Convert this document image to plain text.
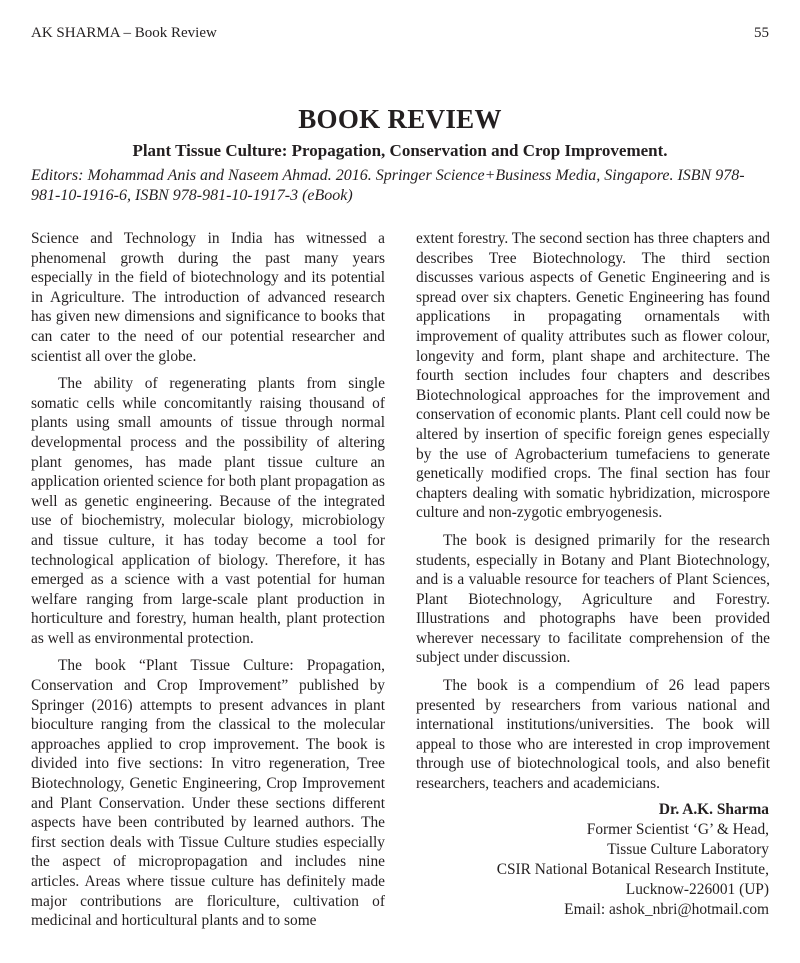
AK SHARMA – Book Review	55
BOOK REVIEW
Plant Tissue Culture: Propagation, Conservation and Crop Improvement.

Editors: Mohammad Anis and Naseem Ahmad. 2016. Springer Science+Business Media, Singapore. ISBN 978-981-10-1916-6, ISBN 978-981-10-1917-3 (eBook)

Science and Technology in India has witnessed a phenomenal growth during the past many years especially in the field of biotechnology and its potential in Agriculture. The introduction of advanced research has given new dimensions and significance to books that can cater to the need of our potential researcher and scientist all over the globe.

The ability of regenerating plants from single somatic cells while concomitantly raising thousand of plants using small amounts of tissue through normal developmental process and the possibility of altering plant genomes, has made plant tissue culture an application oriented science for both plant propagation as well as genetic engineering. Because of the integrated use of biochemistry, molecular biology, microbiology and tissue culture, it has today become a tool for technological application of biology. Therefore, it has emerged as a science with a vast potential for human welfare ranging from large-scale plant production in horticulture and forestry, human health, plant protection as well as environmental protection.

The book “Plant Tissue Culture: Propagation, Conservation and Crop Improvement” published by Springer (2016) attempts to present advances in plant bioculture ranging from the classical to the molecular approaches applied to crop improvement. The book is divided into five sections: In vitro regeneration, Tree Biotechnology, Genetic Engineering, Crop Improvement and Plant Conservation. Under these sections different aspects have been contributed by learned authors. The first section deals with Tissue Culture studies especially the aspect of micropropagation and includes nine articles. Areas where tissue culture has definitely made major contributions are floriculture, cultivation of medicinal and horticultural plants and to some

extent forestry. The second section has three chapters and describes Tree Biotechnology. The third section discusses various aspects of Genetic Engineering and is spread over six chapters. Genetic Engineering has found applications in propagating ornamentals with improvement of quality attributes such as flower colour, longevity and form, plant shape and architecture. The fourth section includes four chapters and describes Biotechnological approaches for the improvement and conservation of economic plants. Plant cell could now be altered by insertion of specific foreign genes especially by the use of Agrobacterium tumefaciens to generate genetically modified crops. The final section has four chapters dealing with somatic hybridization, microspore culture and non-zygotic embryogenesis.

The book is designed primarily for the research students, especially in Botany and Plant Biotechnology, and is a valuable resource for teachers of Plant Sciences, Plant Biotechnology, Agriculture and Forestry. Illustrations and photographs have been provided wherever necessary to facilitate comprehension of the subject under discussion.

The book is a compendium of 26 lead papers presented by researchers from various national and international institutions/universities. The book will appeal to those who are interested in crop improvement through use of biotechnological tools, and also benefit researchers, teachers and academicians.

Dr. A.K. Sharma
Former Scientist ‘G’ & Head,
Tissue Culture Laboratory
CSIR National Botanical Research Institute,
Lucknow-226001 (UP)
Email: ashok_nbri@hotmail.com
